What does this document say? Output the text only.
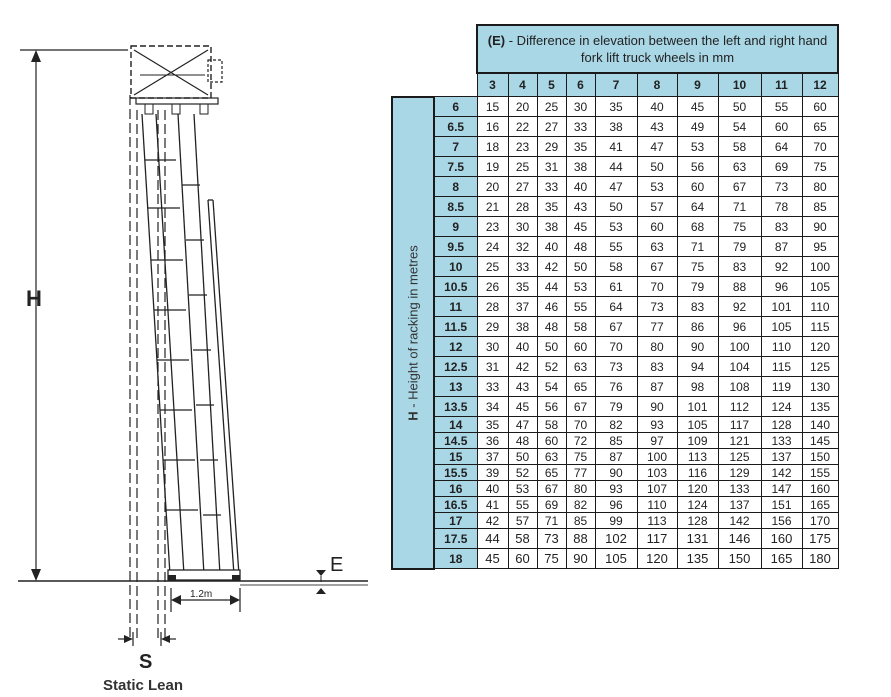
H
1.2m
E
S
Static Lean
		(E) - Difference in elevation between the left and right hand fork lift truck wheels in mm									
		3	4	5	6	7	8	9	10	11	12

H - Height of racking in metres	6	15	20	25	30	35	40	45	50	55	60
	6.5	16	22	27	33	38	43	49	54	60	65
	7	18	23	29	35	41	47	53	58	64	70
	7.5	19	25	31	38	44	50	56	63	69	75
	8	20	27	33	40	47	53	60	67	73	80
	8.5	21	28	35	43	50	57	64	71	78	85
	9	23	30	38	45	53	60	68	75	83	90
	9.5	24	32	40	48	55	63	71	79	87	95
	10	25	33	42	50	58	67	75	83	92	100
	10.5	26	35	44	53	61	70	79	88	96	105
	11	28	37	46	55	64	73	83	92	101	110
	11.5	29	38	48	58	67	77	86	96	105	115
	12	30	40	50	60	70	80	90	100	110	120
	12.5	31	42	52	63	73	83	94	104	115	125
	13	33	43	54	65	76	87	98	108	119	130
	13.5	34	45	56	67	79	90	101	112	124	135
	14	35	47	58	70	82	93	105	117	128	140
	14.5	36	48	60	72	85	97	109	121	133	145
	15	37	50	63	75	87	100	113	125	137	150
	15.5	39	52	65	77	90	103	116	129	142	155
	16	40	53	67	80	93	107	120	133	147	160
	16.5	41	55	69	82	96	110	124	137	151	165
	17	42	57	71	85	99	113	128	142	156	170
	17.5	44	58	73	88	102	117	131	146	160	175
	18	45	60	75	90	105	120	135	150	165	180
